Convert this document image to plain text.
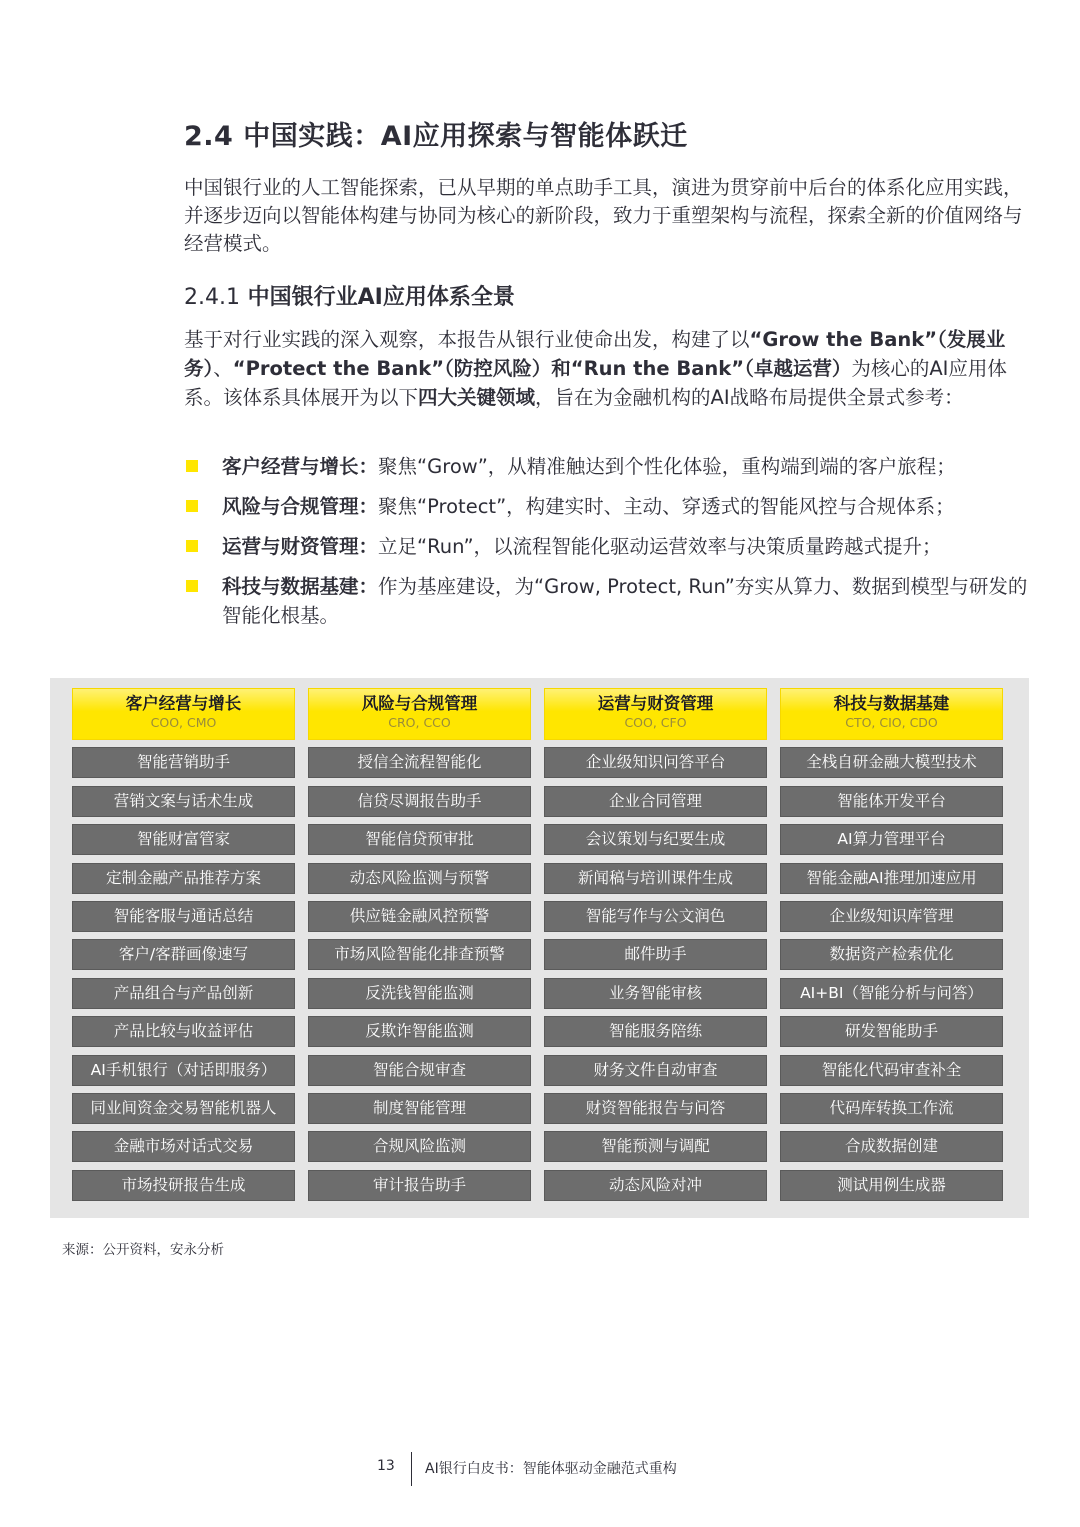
2.4 中国实践：AI应用探索与智能体跃迁

中国银行业的人工智能探索，已从早期的单点助手工具，演进为贯穿前中后台的体系化应用实践，并逐步迈向以智能体构建与协同为核心的新阶段，致力于重塑架构与流程，探索全新的价值网络与经营模式。

2.4.1 中国银行业AI应用体系全景

基于对行业实践的深入观察，本报告从银行业使命出发，构建了以“Grow the Bank”（发展业务）、“Protect the Bank”（防控风险）和“Run the Bank”（卓越运营）为核心的AI应用体系。该体系具体展开为以下四大关键领域，旨在为金融机构的AI战略布局提供全景式参考：

客户经营与增长：聚焦“Grow”，从精准触达到个性化体验，重构端到端的客户旅程；
风险与合规管理：聚焦“Protect”，构建实时、主动、穿透式的智能风控与合规体系；
运营与财资管理：立足“Run”，以流程智能化驱动运营效率与决策质量跨越式提升；
科技与数据基建：作为基座建设，为“Grow, Protect, Run”夯实从算力、数据到模型与研发的智能化根基。
客户经营与增长
COO, CMO
智能营销助手
营销文案与话术生成
智能财富管家
定制金融产品推荐方案
智能客服与通话总结
客户/客群画像速写
产品组合与产品创新
产品比较与收益评估
AI手机银行（对话即服务）
同业间资金交易智能机器人
金融市场对话式交易
市场投研报告生成
风险与合规管理
CRO, CCO
授信全流程智能化
信贷尽调报告助手
智能信贷预审批
动态风险监测与预警
供应链金融风控预警
市场风险智能化排查预警
反洗钱智能监测
反欺诈智能监测
智能合规审查
制度智能管理
合规风险监测
审计报告助手
运营与财资管理
COO, CFO
企业级知识问答平台
企业合同管理
会议策划与纪要生成
新闻稿与培训课件生成
智能写作与公文润色
邮件助手
业务智能审核
智能服务陪练
财务文件自动审查
财资智能报告与问答
智能预测与调配
动态风险对冲
科技与数据基建
CTO, CIO, CDO
全栈自研金融大模型技术
智能体开发平台
AI算力管理平台
智能金融AI推理加速应用
企业级知识库管理
数据资产检索优化
AI+BI（智能分析与问答）
研发智能助手
智能化代码审查补全
代码库转换工作流
合成数据创建
测试用例生成器

来源：公开资料，安永分析

13 AI银行白皮书：智能体驱动金融范式重构
